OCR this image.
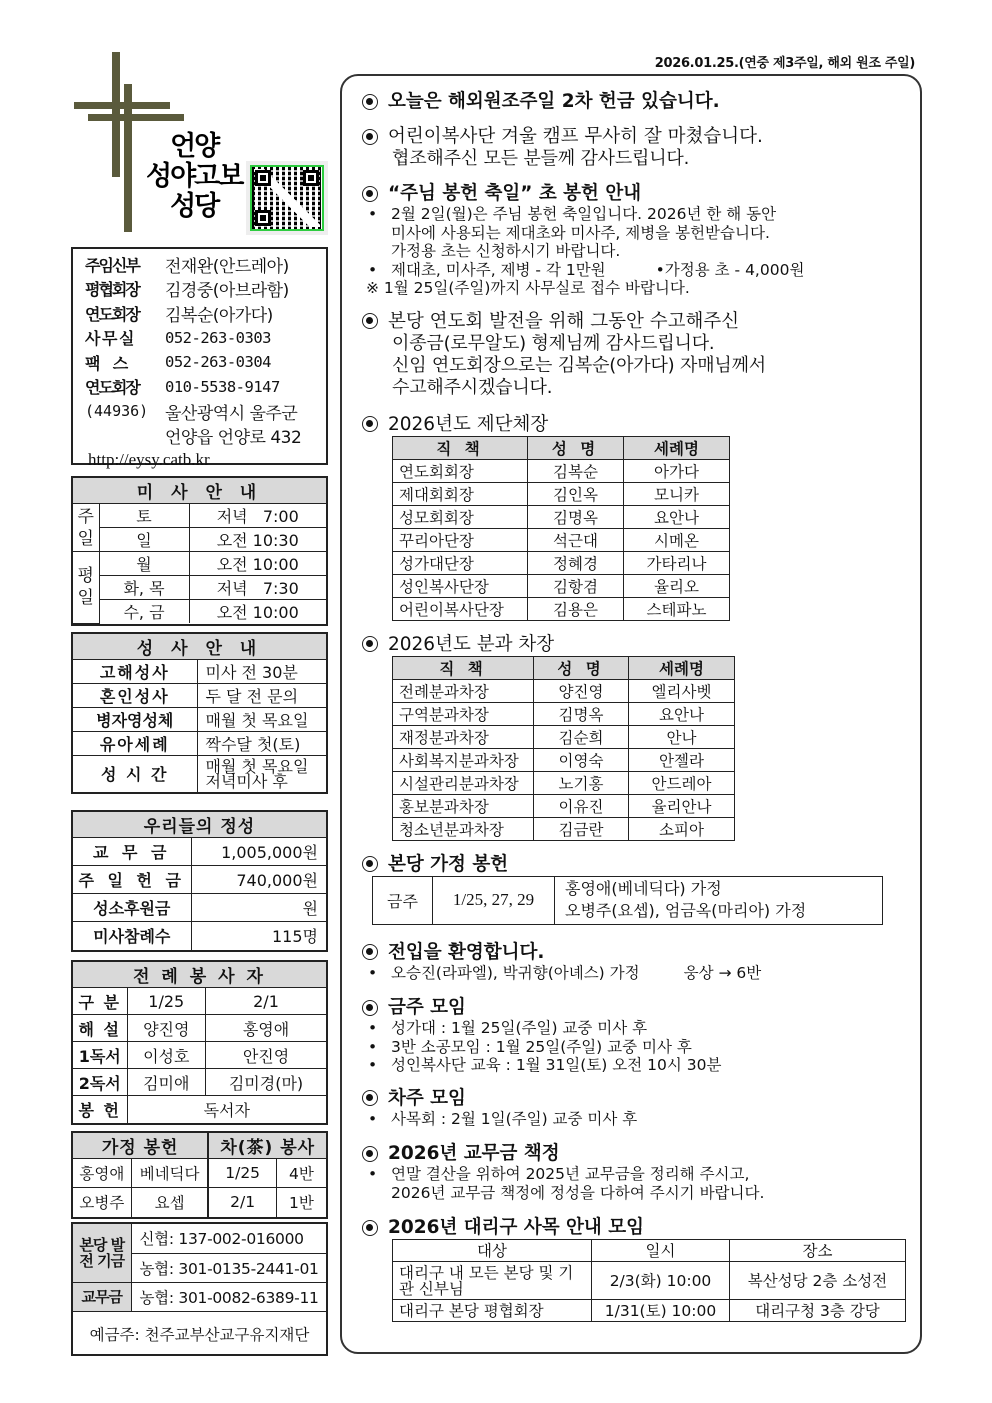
언양
성야고보
성당
주임신부	전재완(안드레아)
평협회장	김경중(아브라함)
연도회장	김복순(아가다)
사 무 실	052-263-0303
팩    스	052-263-0304
연도회장	010-5538-9147
(44936) 울산광역시 울주군
언양읍 언양로 432
http://eysy.catb.kr
미 사 안 내		
주일	토	저녁   7:00
	일	오전 10:30
평일	월	오전 10:00
	화, 목	저녁   7:30
	수, 금	오전 10:00
성 사 안 내	
고해성사	미사 전 30분
혼인성사	두 달 전 문의
병자영성체	매월 첫 목요일
유아세례	짝수달 첫(토)
성 시 간	매월 첫 목요일
저녁미사 후
우리들의 정성	
교 무 금	1,005,000원
주 일 헌 금	740,000원
성소후원금	원
미사참례수	115명
전 례 봉 사 자		
구 분	1/25	2/1
해 설	양진영	홍영애
1독서	이성호	안진영
2독서	김미애	김미경(마)
봉 헌	독서자	
가정 봉헌		차(茶) 봉사	
홍영애	베네딕다	1/25	4반
오병주	요셉	2/1	1반
본당 발전 기금	신협: 137-002-016000
	농협: 301-0135-2441-01
교무금	농협: 301-0082-6389-11
예금주: 천주교부산교구유지재단	
2026.01.25.(연중 제3주일, 해외 원조 주일)
오늘은 해외원조주일 2차 헌금 있습니다.
어린이복사단 겨울 캠프 무사히 잘 마쳤습니다.
협조해주신 모든 분들께 감사드립니다.
“주님 봉헌 축일” 초 봉헌 안내
• 2월 2일(월)은 주님 봉헌 축일입니다. 2026년 한 해 동안
미사에 사용되는 제대초와 미사주, 제병을 봉헌받습니다.
가정용 초는 신청하시기 바랍니다.
• 제대초, 미사주, 제병 - 각 1만원	•가정용 초 - 4,000원
※ 1월 25일(주일)까지 사무실로 접수 바랍니다.
본당 연도회 발전을 위해 그동안 수고해주신
이종금(로무알도) 형제님께 감사드립니다.
신임 연도회장으로는 김복순(아가다) 자매님께서
수고해주시겠습니다.
2026년도 제단체장
직 책	성 명	세례명
연도회회장	김복순	아가다
제대회회장	김인옥	모니카
성모회회장	김명옥	요안나
꾸리아단장	석근대	시메온
성가대단장	정혜경	가타리나
성인복사단장	김항겸	율리오
어린이복사단장	김용은	스테파노
2026년도 분과 차장
직 책	성 명	세례명
전례분과차장	양진영	엘리사벳
구역분과차장	김명옥	요안나
재정분과차장	김순희	안나
사회복지분과차장	이영숙	안젤라
시설관리분과차장	노기홍	안드레아
홍보분과차장	이유진	율리안나
청소년분과차장	김금란	소피아
본당 가정 봉헌
금주	1/25, 27, 29	홍영애(베네딕다) 가정
오병주(요셉), 엄금옥(마리아) 가정
전입을 환영합니다.
• 오승진(라파엘), 박귀향(아녜스) 가정	웅상 → 6반
금주 모임
• 성가대 : 1월 25일(주일) 교중 미사 후
• 3반 소공모임 : 1월 25일(주일) 교중 미사 후
• 성인복사단 교육 : 1월 31일(토) 오전 10시 30분
차주 모임
• 사목회 : 2월 1일(주일) 교중 미사 후
2026년 교무금 책정
• 연말 결산을 위하여 2025년 교무금을 정리해 주시고,
2026년 교무금 책정에 정성을 다하여 주시기 바랍니다.
2026년 대리구 사목 안내 모임
대상	일시	장소
대리구 내 모든 본당 및 기관 신부님	2/3(화) 10:00	복산성당 2층 소성전
대리구 본당 평협회장	1/31(토) 10:00	대리구청 3층 강당
